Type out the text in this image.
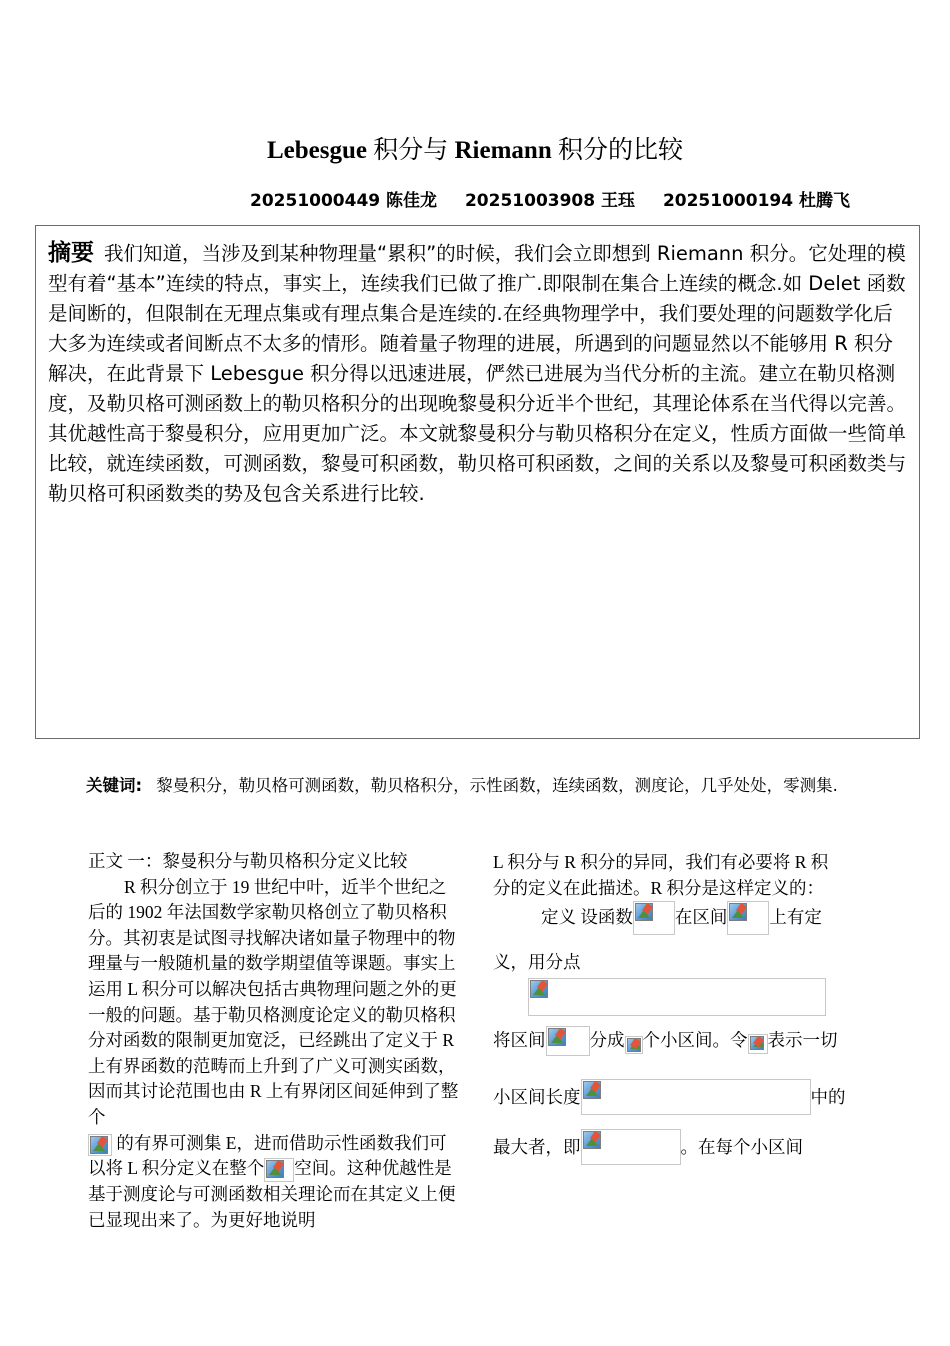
Lebesgue 积分与 Riemann 积分的比较
20251000449 陈佳龙 20251003908 王珏 20251000194 杜腾飞
摘要 我们知道，当涉及到某种物理量“累积”的时候，我们会立即想到 Riemann 积分。它处理的模型有着“基本”连续的特点，事实上，连续我们已做了推广.即限制在集合上连续的概念.如 Delet 函数是间断的，但限制在无理点集或有理点集合是连续的.在经典物理学中，我们要处理的问题数学化后大多为连续或者间断点不太多的情形。随着量子物理的进展，所遇到的问题显然以不能够用 R 积分解决，在此背景下 Lebesgue 积分得以迅速进展，俨然已进展为当代分析的主流。建立在勒贝格测度，及勒贝格可测函数上的勒贝格积分的出现晚黎曼积分近半个世纪，其理论体系在当代得以完善。其优越性高于黎曼积分，应用更加广泛。本文就黎曼积分与勒贝格积分在定义，性质方面做一些简单比较，就连续函数，可测函数，黎曼可积函数，勒贝格可积函数，之间的关系以及黎曼可积函数类与勒贝格可积函数类的势及包含关系进行比较.
关键词: 黎曼积分，勒贝格可测函数，勒贝格积分，示性函数，连续函数，测度论，几乎处处，零测集.
正文 一：黎曼积分与勒贝格积分定义比较
R 积分创立于 19 世纪中叶，近半个世纪之后的 1902 年法国数学家勒贝格创立了勒贝格积分。其初衷是试图寻找解决诸如量子物理中的物理量与一般随机量的数学期望值等课题。事实上运用 L 积分可以解决包括古典物理问题之外的更一般的问题。基于勒贝格测度论定义的勒贝格积分对函数的限制更加宽泛，已经跳出了定义于 R 上有界函数的范畴而上升到了广义可测实函数，因而其讨论范围也由 R 上有界闭区间延伸到了整个

的有界可测集 E，进而借助示性函数我们可以将 L 积分定义在整个 空间。这种优越性是基于测度论与可测函数相关理论而在其定义上便已显现出来了。为更好地说明
L 积分与 R 积分的异同，我们有必要将 R 积
分的定义在此描述。R 积分是这样定义的：
定义 设函数 在区间 上有定
义，用分点
将区间	分成 个小区间。令 表示一切
小区间长度	中的
最大者，即	。在每个小区间
